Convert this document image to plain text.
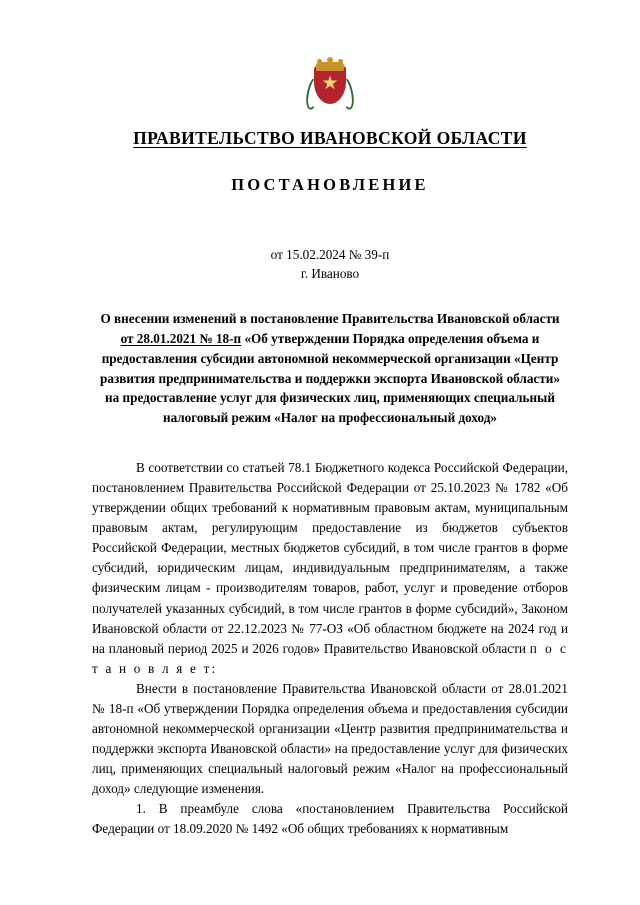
★
ПРАВИТЕЛЬСТВО ИВАНОВСКОЙ ОБЛАСТИ
ПОСТАНОВЛЕНИЕ
от 15.02.2024 № 39-п
г. Иваново
О внесении изменений в постановление Правительства Ивановской области от 28.01.2021 № 18-п «Об утверждении Порядка определения объема и предоставления субсидии автономной некоммерческой организации «Центр развития предпринимательства и поддержки экспорта Ивановской области» на предоставление услуг для физических лиц, применяющих специальный налоговый режим «Налог на профессиональный доход»

В соответствии со статьей 78.1 Бюджетного кодекса Российской Федерации, постановлением Правительства Российской Федерации от 25.10.2023 № 1782 «Об утверждении общих требований к нормативным правовым актам, муниципальным правовым актам, регулирующим предоставление из бюджетов субъектов Российской Федерации, местных бюджетов субсидий, в том числе грантов в форме субсидий, юридическим лицам, индивидуальным предпринимателям, а также физическим лицам - производителям товаров, работ, услуг и проведение отборов получателей указанных субсидий, в том числе грантов в форме субсидий», Законом Ивановской области от 22.12.2023 № 77-ОЗ «Об областном бюджете на 2024 год и на плановый период 2025 и 2026 годов» Правительство Ивановской области п о с т а н о в л я е т:

Внести в постановление Правительства Ивановской области от 28.01.2021 № 18-п «Об утверждении Порядка определения объема и предоставления субсидии автономной некоммерческой организации «Центр развития предпринимательства и поддержки экспорта Ивановской области» на предоставление услуг для физических лиц, применяющих специальный налоговый режим «Налог на профессиональный доход» следующие изменения.

1. В преамбуле слова «постановлением Правительства Российской Федерации от 18.09.2020 № 1492 «Об общих требованиях к нормативным
